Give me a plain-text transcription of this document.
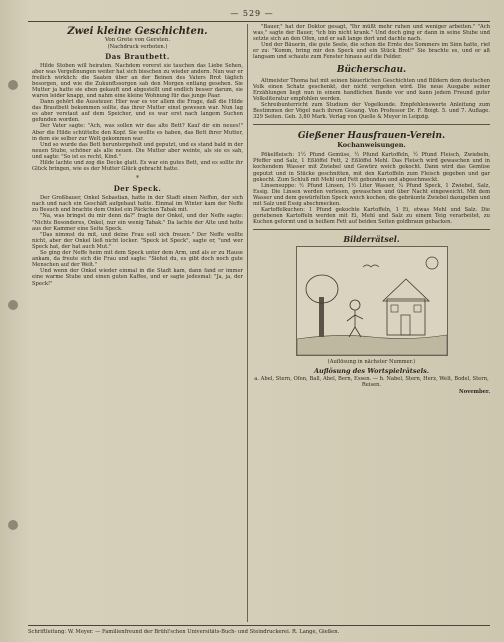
— 529 —
Zwei kleine Geschichten.
Von Grete von Gersten.
(Nachdruck verboten.)
Das Brautbett.

Hilde Stoben will heiraten. Nachdem vorerst sie tauchen das Liebe Sehen, aber was Vergeßnungen weiter hat sich bisschen zu wieder andern. Nun war er freilich wirklich: die Saaten über an der Beinen des Vaters Brot täglich besorgen, und wie die Zukunftssorgen sah den Morgen entlang gesehen. Sie Mutter ja hatte sie eben gekauft und abgestellt und endlich besser darum, sie waren leider knapp, und nahm eine kleine Wohnung für das junge Paar.

Dann gehört die Aussteuer. Hier war es vor allem die Frage, daß die Hilde das Brautbett bekommen sollte, das ihrer Mutter einst gewesen war. Nun lag es aber verstaut auf dem Speicher, und es war erst nach langem Suchen gefunden worden.

Der Vater sagte: "Ach, was sollen wir das alte Bett? Kauf dir ein neues!" Aber die Hilde schüttelte den Kopf. Sie wollte es haben, das Bett ihrer Mutter, in dem sie selber zur Welt gekommen war.

Und so wurde das Bett heruntergeholt und geputzt, und es stand bald in der neuen Stube, schöner als alle neuen. Die Mutter aber weinte, als sie es sah, und sagte: "So ist es recht, Kind."

Hilde lachte und zog die Decke glatt. Es war ein gutes Bett, und es sollte ihr Glück bringen, wie es der Mutter Glück gebracht hatte.

*
Der Speck.

Der Großbauer, Onkel Sebastian, hatte in der Stadt einen Neffen, der sich nach und nach ein Geschäft aufgebaut hatte. Einmal im Winter kam der Neffe zu Besuch und brachte dem Onkel ein Päckchen Tabak mit.

"Na, was bringst du mir denn da?" fragte der Onkel, und der Neffe sagte: "Nichts Besonderes, Onkel, nur ein wenig Tabak." Da lachte der Alte und holte aus der Kammer eine Seite Speck.

"Das nimmst du mit, und deine Frau soll sich freuen." Der Neffe wollte nicht, aber der Onkel ließ nicht locker. "Speck ist Speck", sagte er, "und wer Speck hat, der hat auch Mut."

So ging der Neffe heim mit dem Speck unter dem Arm, und als er zu Hause ankam, da freute sich die Frau und sagte: "Siehst du, es gibt doch noch gute Menschen auf der Welt."

Und wenn der Onkel wieder einmal in die Stadt kam, dann fand er immer eine warme Stube und einen guten Kaffee, und er sagte jedesmal: "Ja, ja, der Speck!"

"Bauer," hat der Doktor gesagt, "Ihr müßt mehr ruhen und weniger arbeiten." "Ach was," sagte der Bauer, "ich bin nicht krank." Und doch ging er dann in seine Stube und setzte sich an den Ofen, und er saß lange dort und dachte nach.

Und der Bäuerin, die gute Seele, die schon die Ernte des Sommers im Sinn hatte, rief er zu: "Komm, bring mir den Speck und ein Stück Brot!" Sie brachte es, und er aß langsam und schaute zum Fenster hinaus auf die Felder.

Bücherschau.

Altmeister Thoma hat mit seinen bäuerlichen Geschichten und Bildern dem deutschen Volk einen Schatz geschenkt, der nicht vergehen wird. Die neue Ausgabe seiner Erzählungen liegt nun in einem handlichen Bande vor und kann jedem Freund guter Volksliteratur empfohlen werden.

Schreibunterricht zum Studium der Vogelkunde. Empfehlenswerte Anleitung zum Bestimmen der Vögel nach ihrem Gesang. Von Professor Dr. F. Boigt. 5. und 7. Auflage. 329 Seiten. Geb. 3,80 Mark. Verlag von Quelle & Meyer in Leipzig.

Gießener Hausfrauen-Verein.
Kochanweisungen.

Pökelfleisch: 1½ Pfund Gemüse, ½ Pfund Kartoffeln, ½ Pfund Fleisch, Zwiebeln, Pfeffer und Salz, 1 Eßlöffel Fett, 2 Eßlöffel Mehl. Das Fleisch wird gewaschen und in kochendem Wasser mit Zwiebel und Gewürz weich gekocht. Dann wird das Gemüse geputzt und in Stücke geschnitten, mit den Kartoffeln zum Fleisch gegeben und gar gekocht. Zum Schluß mit Mehl und Fett gebunden und abgeschmeckt.

Linsensuppe: ½ Pfund Linsen, 1½ Liter Wasser, ¼ Pfund Speck, 1 Zwiebel, Salz, Essig. Die Linsen werden verlesen, gewaschen und über Nacht eingeweicht. Mit dem Wasser und dem gewürfelten Speck weich kochen, die gebräunte Zwiebel dazugeben und mit Salz und Essig abschmecken.

Kartoffelkuchen: 1 Pfund gekochte Kartoffeln, 1 Ei, etwas Mehl und Salz. Die geriebenen Kartoffeln werden mit Ei, Mehl und Salz zu einem Teig verarbeitet, zu Kuchen geformt und in heißem Fett auf beiden Seiten goldbraun gebacken.

Bilderrätsel.
(Auflösung in nächster Nummer.)
Auflösung des Wortspielrätsels.
a. Abel, Stern, Ofen, Ball, Abel, Bern, Essen. — b. Nabel, Stern, Herz, Welt, Bodel, Stern, Reisen.
November.
Schriftleitung: W. Meyer. — Familienfreund der Brühl'schen Universitäts-Buch- und Steindruckerei. R. Lange, Gießen.
